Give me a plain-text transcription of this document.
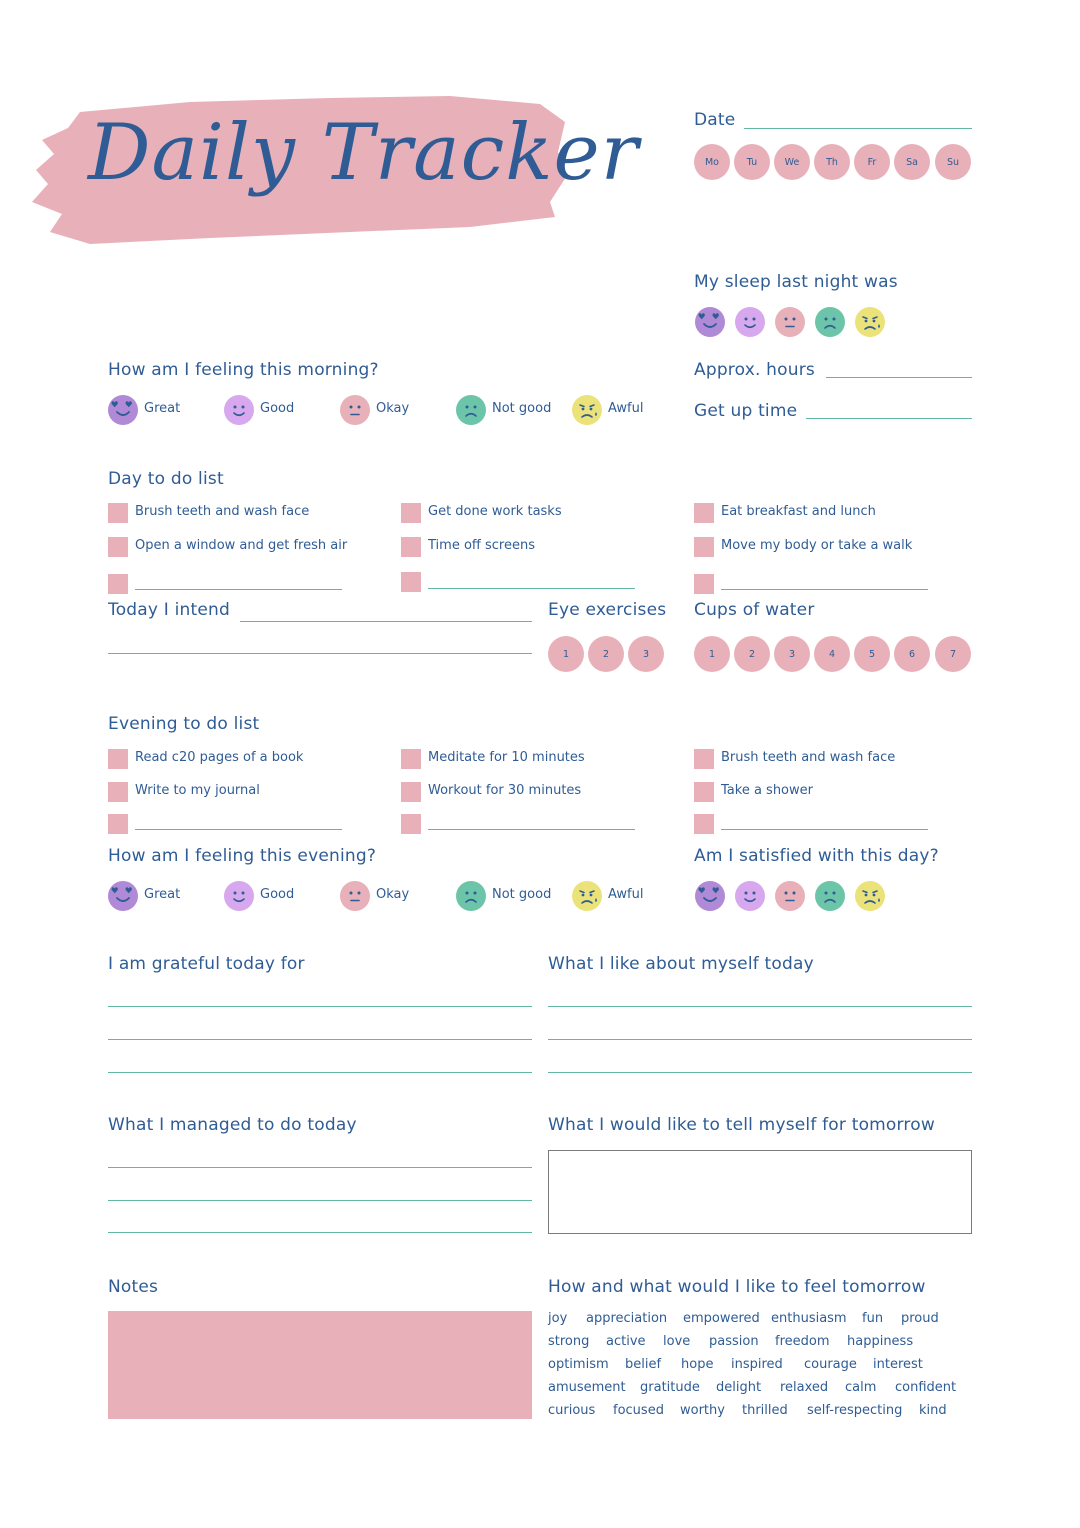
Daily Tracker	Date
Mo	Tu	We	Th	Fr	Sa	Su
My sleep last night was
Approx. hours
Get up time
How am I feeling this morning?
Great	Good	Okay	Not good	Awful
Day to do list
Brush teeth and wash face
Open a window and get fresh air
Get done work tasks
Time off screens
Eat breakfast and lunch
Move my body or take a walk
Today I intend	Eye exercises
1	2	3
Cups of water
1	2	3	4	5	6	7
Evening to do list
Read c20 pages of a book
Write to my journal
Meditate for 10 minutes
Workout for 30 minutes
Brush teeth and wash face
Take a shower
How am I feeling this evening?
Great	Good	Okay	Not good	Awful
Am I satisfied with this day?
I am grateful today for	What I like about myself today
What I managed to do today	What I would like to tell myself for tomorrow
Notes	How and what would I like to feel tomorrow
joy appreciation empowered enthusiasm fun proud
strong active love passion freedom happiness
optimism belief hope inspired courage interest
amusement gratitude delight relaxed calm confident
curious focused worthy thrilled self-respecting kind
